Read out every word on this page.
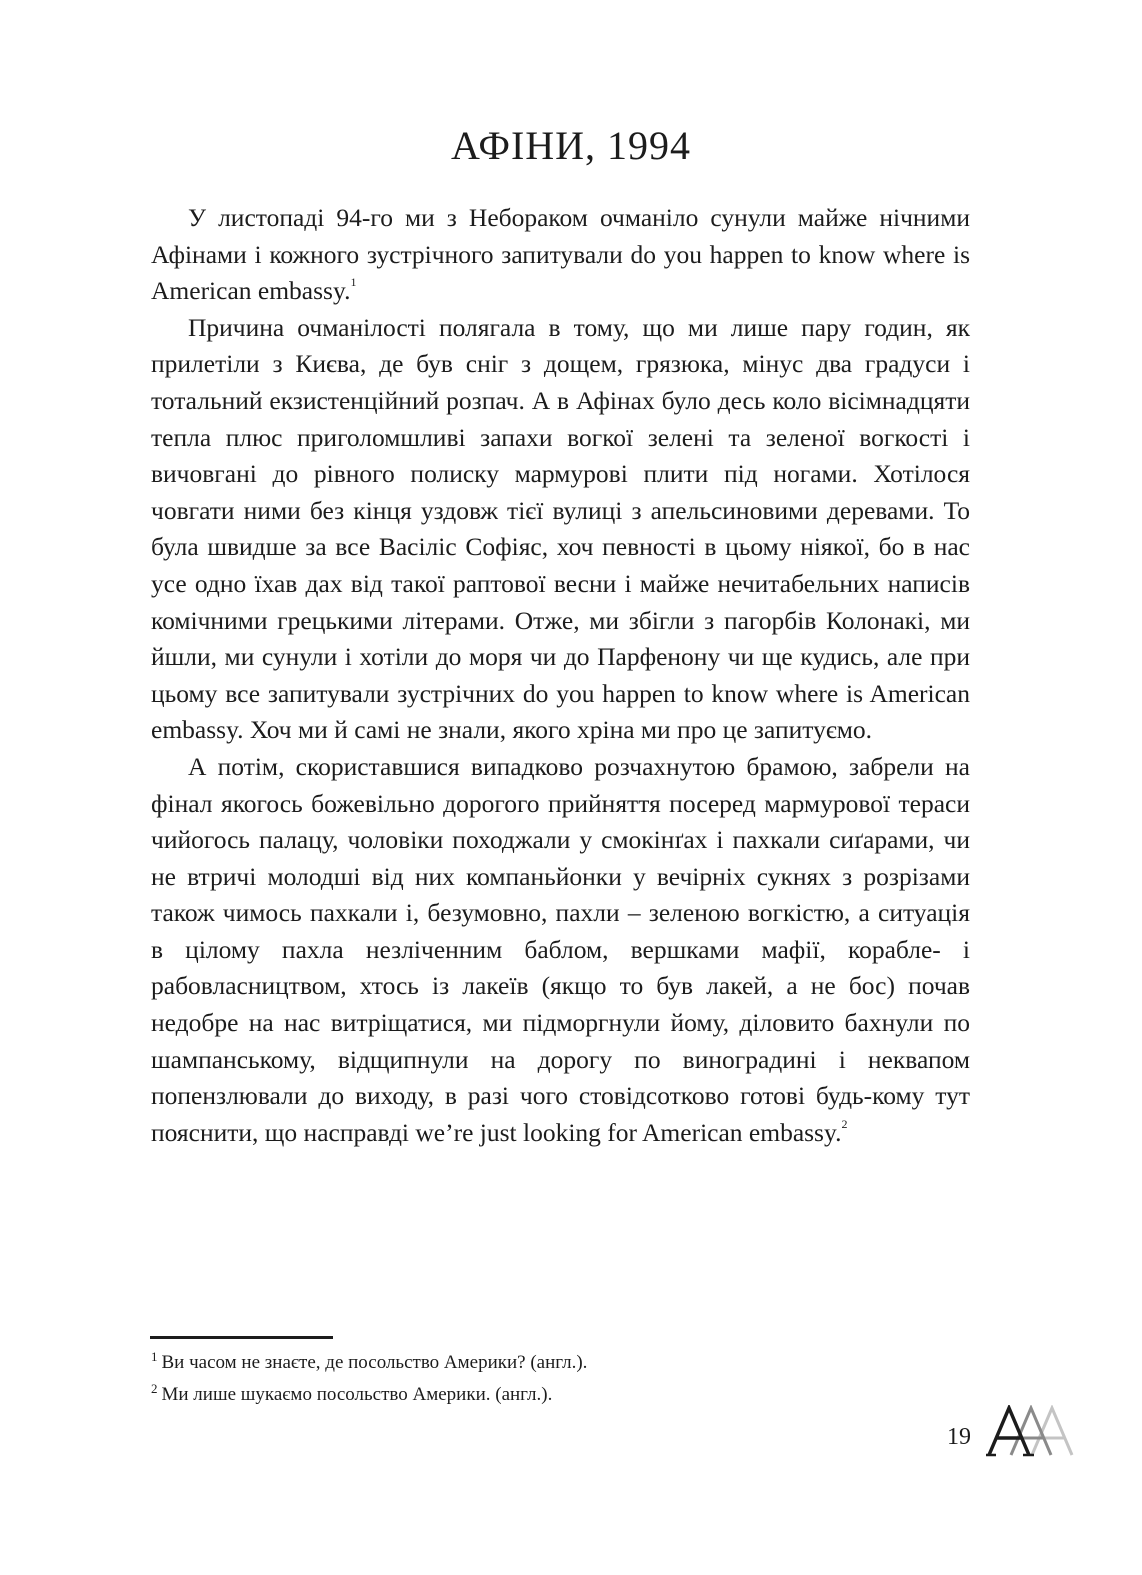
АФІНИ, 1994

У листопаді 94-го ми з Небораком очманіло сунули майже нічними Афінами і кожного зустрічного запитували do you happen to know where is American embassy.$^1$

Причина очманілості полягала в тому, що ми лише пару годин, як прилетіли з Києва, де був сніг з дощем, грязюка, мінус два градуси і тотальний екзистенційний розпач. А в Афінах було десь коло вісімнадцяти тепла плюс приголомшливі запахи вогкої зелені та зеленої вогкості і вичовгані до рівного полиску мармурові плити під ногами. Хотілося човгати ними без кінця уздовж тієї вулиці з апельсиновими деревами. То була швидше за все Васіліс Софіяс, хоч певності в цьому ніякої, бо в нас усе одно їхав дах від такої раптової весни і майже нечитабельних написів комічними грецькими літерами. Отже, ми збігли з пагорбів Колонакі, ми йшли, ми сунули і хотіли до моря чи до Парфенону чи ще кудись, але при цьому все запитували зустрічних do you happen to know where is American embassy. Хоч ми й самі не знали, якого хріна ми про це запитуємо.

А потім, скориставшися випадково розчахнутою брамою, забрели на фінал якогось божевільно дорогого прийняття посеред мармурової тераси чийогось палацу, чоловіки походжали у смокінґах і пахкали сиґарами, чи не втричі молодші від них компаньйонки у вечірніх сукнях з розрізами також чимось пахкали і, безумовно, пахли – зеленою вогкістю, а ситуація в цілому пахла незліченним баблом, вершками мафії, корабле- і рабовласництвом, хтось із лакеїв (якщо то був лакей, а не бос) почав недобре на нас витріщатися, ми підморгнули йому, діловито бахнули по шампанському, відщипнули на дорогу по виноградині і неквапом попензлювали до виходу, в разі чого стовідсотково готові будь-кому тут пояснити, що насправді we’re just looking for American embassy.$^2$

$^1$ Ви часом не знаєте, де посольство Америки? (англ.).

$^2$ Ми лише шукаємо посольство Америки. (англ.).

19
